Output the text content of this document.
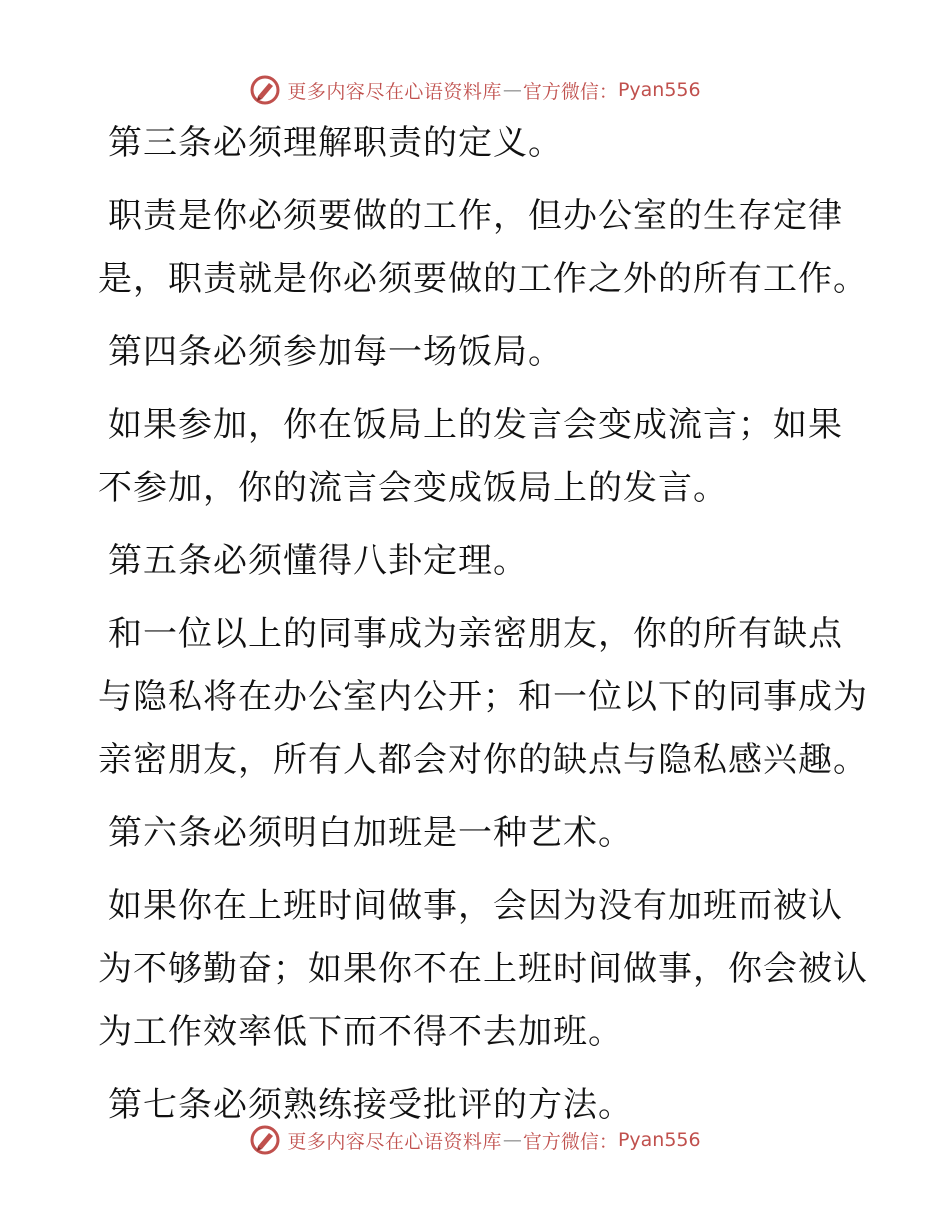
更多内容尽在心语资料库 — 官方微信： Pyan556

第三条必须理解职责的定义。

职责是你必须要做的工作，但办公室的生存定律

是，职责就是你必须要做的工作之外的所有工作。

第四条必须参加每一场饭局。

如果参加，你在饭局上的发言会变成流言；如果

不参加，你的流言会变成饭局上的发言。

第五条必须懂得八卦定理。

和一位以上的同事成为亲密朋友，你的所有缺点

与隐私将在办公室内公开；和一位以下的同事成为

亲密朋友，所有人都会对你的缺点与隐私感兴趣。

第六条必须明白加班是一种艺术。

如果你在上班时间做事，会因为没有加班而被认

为不够勤奋；如果你不在上班时间做事，你会被认

为工作效率低下而不得不去加班。

第七条必须熟练接受批评的方法。

更多内容尽在心语资料库 — 官方微信： Pyan556
